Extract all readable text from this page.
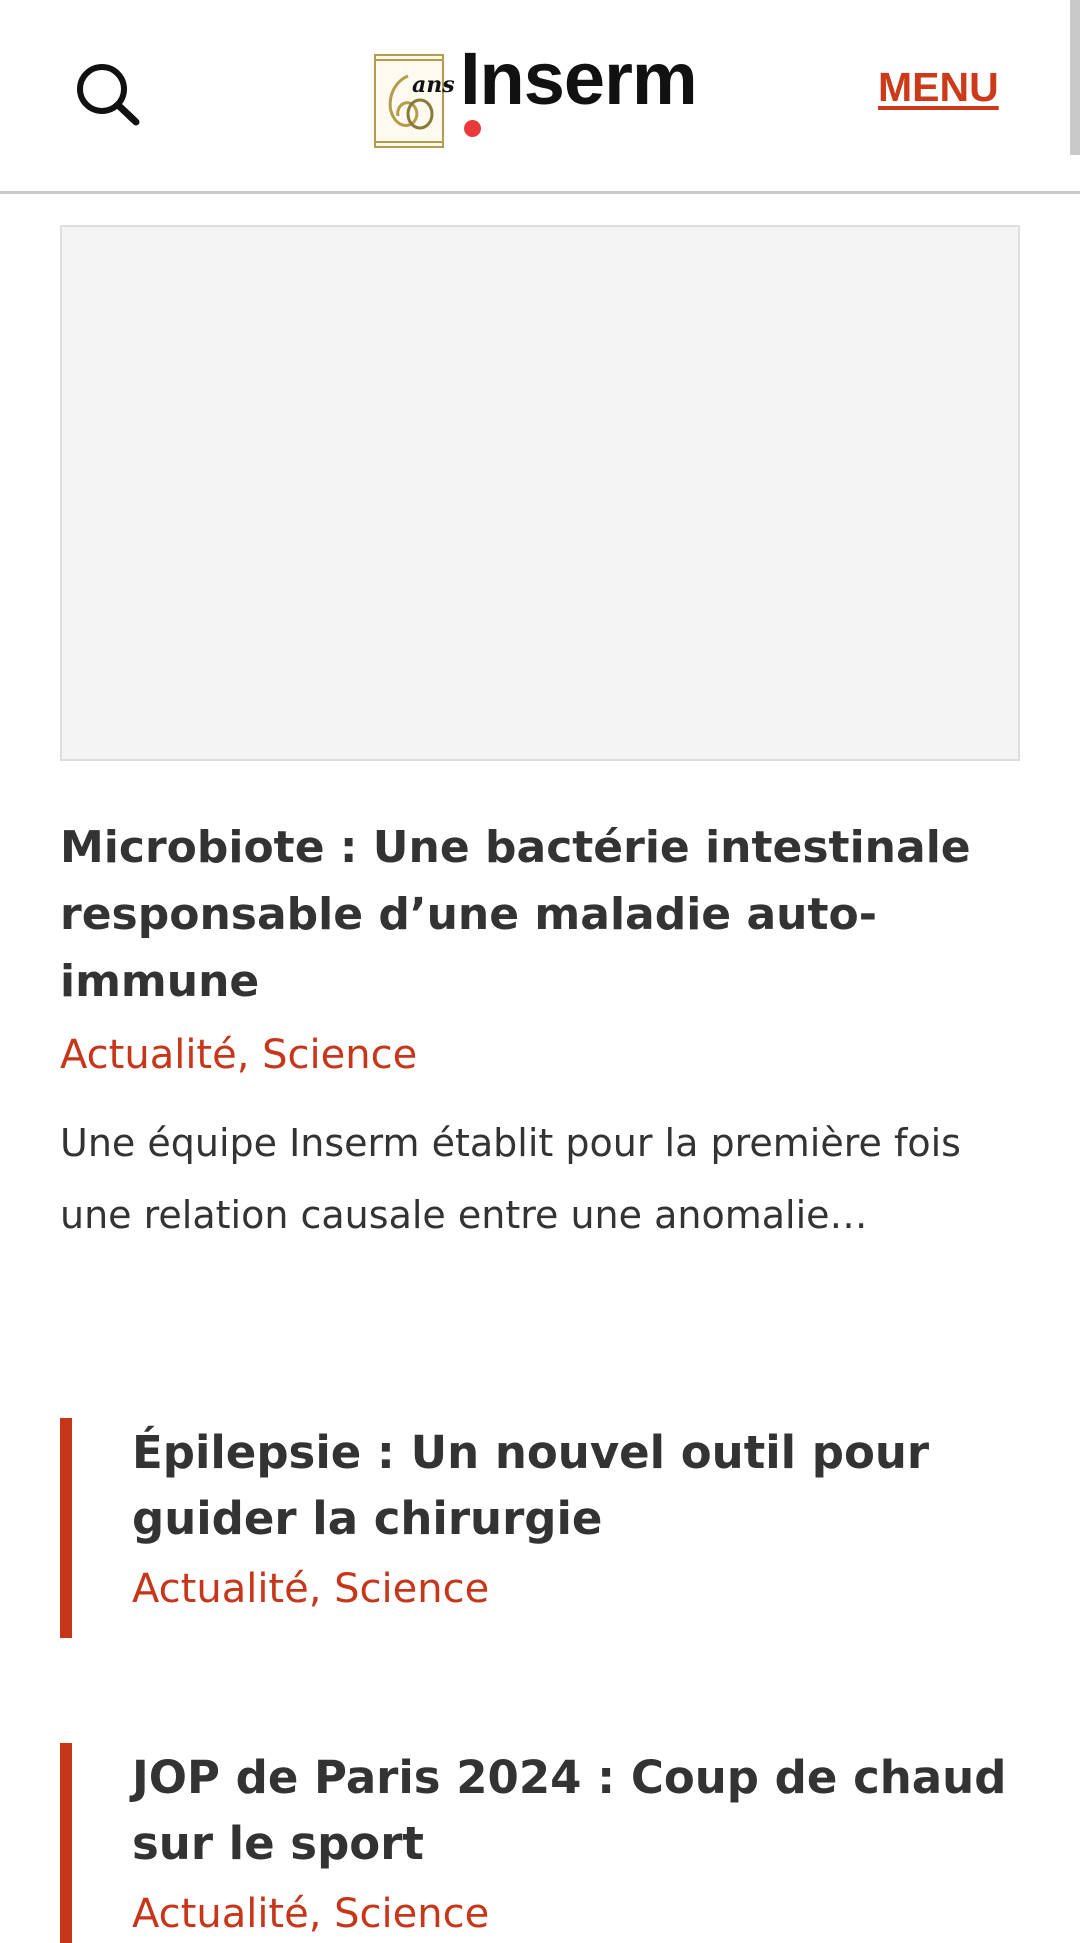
ans Inserm	MENU
Microbiote : Une bactérie intestinale responsable d’une maladie auto-immune

Actualité, Science

Une équipe Inserm établit pour la première fois une relation causale entre une anomalie…

Épilepsie : Un nouvel outil pour guider la chirurgie

Actualité, Science

JOP de Paris 2024 : Coup de chaud sur le sport

Actualité, Science
